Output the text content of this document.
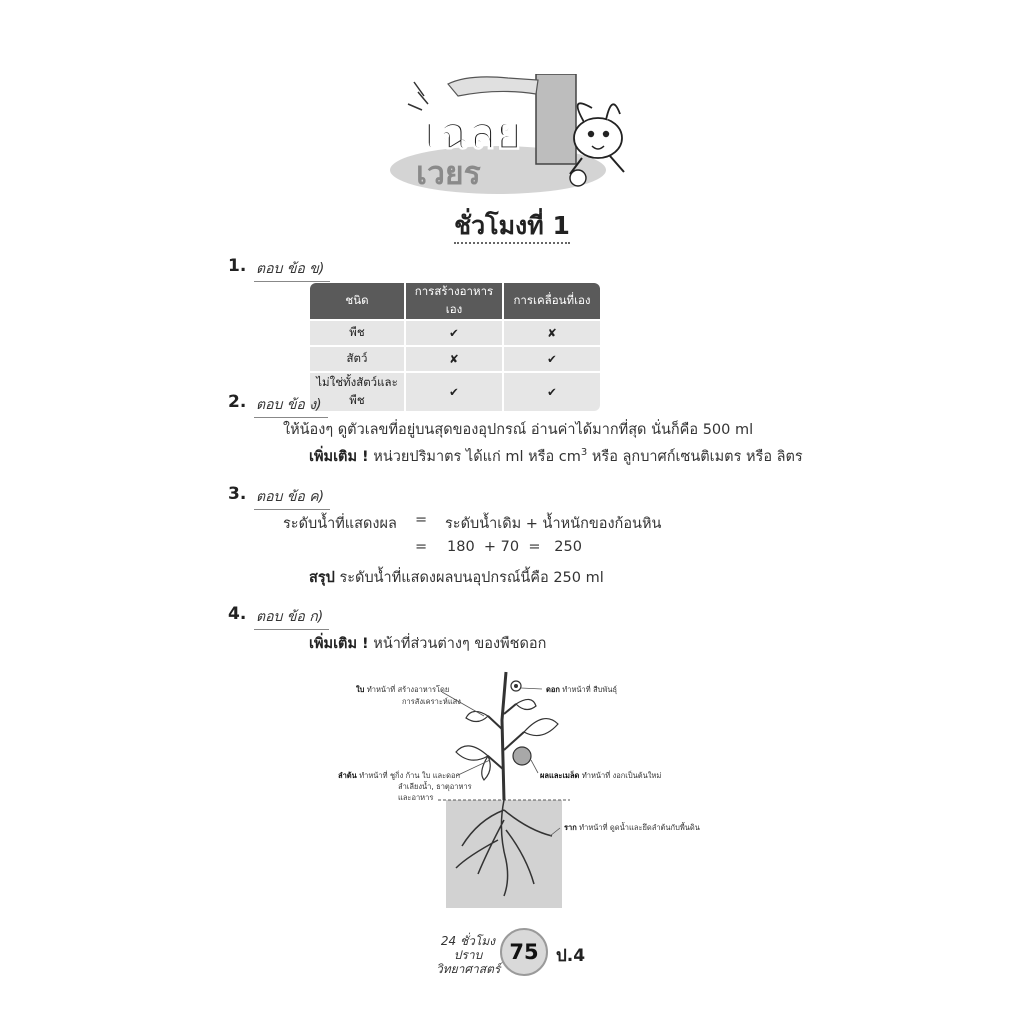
เฉลย
เวยร
ชั่วโมงที่ 1
1. ตอบ ข้อ ข)
ชนิด	การสร้างอาหารเอง	การเคลื่อนที่เอง
พืช	✔	✘
สัตว์	✘	✔
ไม่ใช่ทั้งสัตว์และพืช	✔	✔
2. ตอบ ข้อ ง)
ให้น้องๆ ดูตัวเลขที่อยู่บนสุดของอุปกรณ์ อ่านค่าได้มากที่สุด นั่นก็คือ 500 ml
เพิ่มเติม ! หน่วยปริมาตร ได้แก่ ml หรือ $cm^3$ หรือ ลูกบาศก์เซนติเมตร หรือ ลิตร
3. ตอบ ข้อ ค)
ระดับน้ำที่แสดงผล = ระดับน้ำเดิม + น้ำหนักของก้อนหิน
= 180  + 70  =   250
สรุป ระดับน้ำที่แสดงผลบนอุปกรณ์นี้คือ 250 ml
4. ตอบ ข้อ ก)
เพิ่มเติม ! หน้าที่ส่วนต่างๆ ของพืชดอก
ใบ ทำหน้าที่ สร้างอาหารโดย
การสังเคราะห์แสง
ดอก ทำหน้าที่ สืบพันธุ์
ลำต้น ทำหน้าที่ ชูกิ่ง ก้าน ใบ และดอก
ลำเลียงน้ำ, ธาตุอาหาร
และอาหาร
ผลและเมล็ด ทำหน้าที่ งอกเป็นต้นใหม่
ราก ทำหน้าที่ ดูดน้ำและยึดลำต้นกับพื้นดิน
24 ชั่วโมง
ปราบ
วิทยาศาสตร์
75	ป.4
